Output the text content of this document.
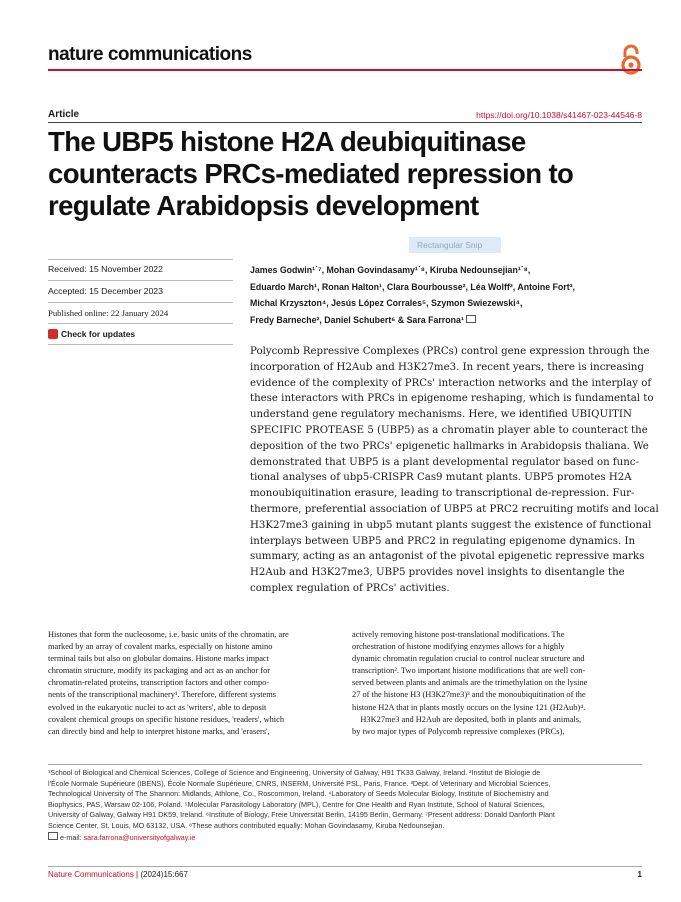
nature communications
Article	https://doi.org/10.1038/s41467-023-44546-8
The UBP5 histone H2A deubiquitinase counteracts PRCs-mediated repression to regulate Arabidopsis development
Rectangular Snip
Received: 15 November 2022
Accepted: 15 December 2023
Published online: 22 January 2024
Check for updates
James Godwin¹˙⁷, Mohan Govindasamy¹˙⁸, Kiruba Nedounsejian¹˙⁸,
Eduardo March¹, Ronan Halton¹, Clara Bourbousse², Léa Wolff², Antoine Fort³,
Michal Krzyszton⁴, Jesús López Corrales⁵, Szymon Swiezewski⁴,
Fredy Barneche², Daniel Schubert⁶ & Sara Farrona¹
Polycomb Repressive Complexes (PRCs) control gene expression through the
incorporation of H2Aub and H3K27me3. In recent years, there is increasing
evidence of the complexity of PRCs' interaction networks and the interplay of
these interactors with PRCs in epigenome reshaping, which is fundamental to
understand gene regulatory mechanisms. Here, we identified UBIQUITIN
SPECIFIC PROTEASE 5 (UBP5) as a chromatin player able to counteract the
deposition of the two PRCs' epigenetic hallmarks in Arabidopsis thaliana. We
demonstrated that UBP5 is a plant developmental regulator based on func-
tional analyses of ubp5-CRISPR Cas9 mutant plants. UBP5 promotes H2A
monoubiquitination erasure, leading to transcriptional de-repression. Fur-
thermore, preferential association of UBP5 at PRC2 recruiting motifs and local
H3K27me3 gaining in ubp5 mutant plants suggest the existence of functional
interplays between UBP5 and PRC2 in regulating epigenome dynamics. In
summary, acting as an antagonist of the pivotal epigenetic repressive marks
H2Aub and H3K27me3, UBP5 provides novel insights to disentangle the
complex regulation of PRCs' activities.
Histones that form the nucleosome, i.e. basic units of the chromatin, are
marked by an array of covalent marks, especially on histone amino
terminal tails but also on globular domains. Histone marks impact
chromatin structure, modify its packaging and act as an anchor for
chromatin-related proteins, transcription factors and other compo-
nents of the transcriptional machinery¹. Therefore, different systems
evolved in the eukaryotic nuclei to act as 'writers', able to deposit
covalent chemical groups on specific histone residues, 'readers', which
can directly bind and help to interpret histone marks, and 'erasers',
actively removing histone post-translational modifications. The
orchestration of histone modifying enzymes allows for a highly
dynamic chromatin regulation crucial to control nuclear structure and
transcription². Two important histone modifications that are well con-
served between plants and animals are the trimethylation on the lysine
27 of the histone H3 (H3K27me3)³ and the monoubiquitination of the
histone H2A that in plants mostly occurs on the lysine 121 (H2Aub)⁴.
H3K27me3 and H2Aub are deposited, both in plants and animals,
by two major types of Polycomb repressive complexes (PRCs),
¹School of Biological and Chemical Sciences, College of Science and Engineering, University of Galway, H91 TK33 Galway, Ireland. ²Institut de Biologie de
l'École Normale Supérieure (IBENS), École Normale Supérieure, CNRS, INSERM, Université PSL, Paris, France. ³Dept. of Veterinary and Microbial Sciences,
Technological University of The Shannon: Midlands, Athlone, Co., Roscommon, Ireland. ⁴Laboratory of Seeds Molecular Biology, Institute of Biochemistry and
Biophysics, PAS, Warsaw 02-106, Poland. ⁵Molecular Parasitology Laboratory (MPL), Centre for One Health and Ryan Institute, School of Natural Sciences,
University of Galway, Galway H91 DK59, Ireland. ⁶Institute of Biology, Freie Universität Berlin, 14195 Berlin, Germany. ⁷Present address: Donald Danforth Plant
Science Center, St. Louis, MO 63132, USA. ⁸These authors contributed equally: Mohan Govindasamy, Kiruba Nedounsejian.
e-mail: sara.farrona@universityofgalway.ie
Nature Communications | (2024)15:667	1
